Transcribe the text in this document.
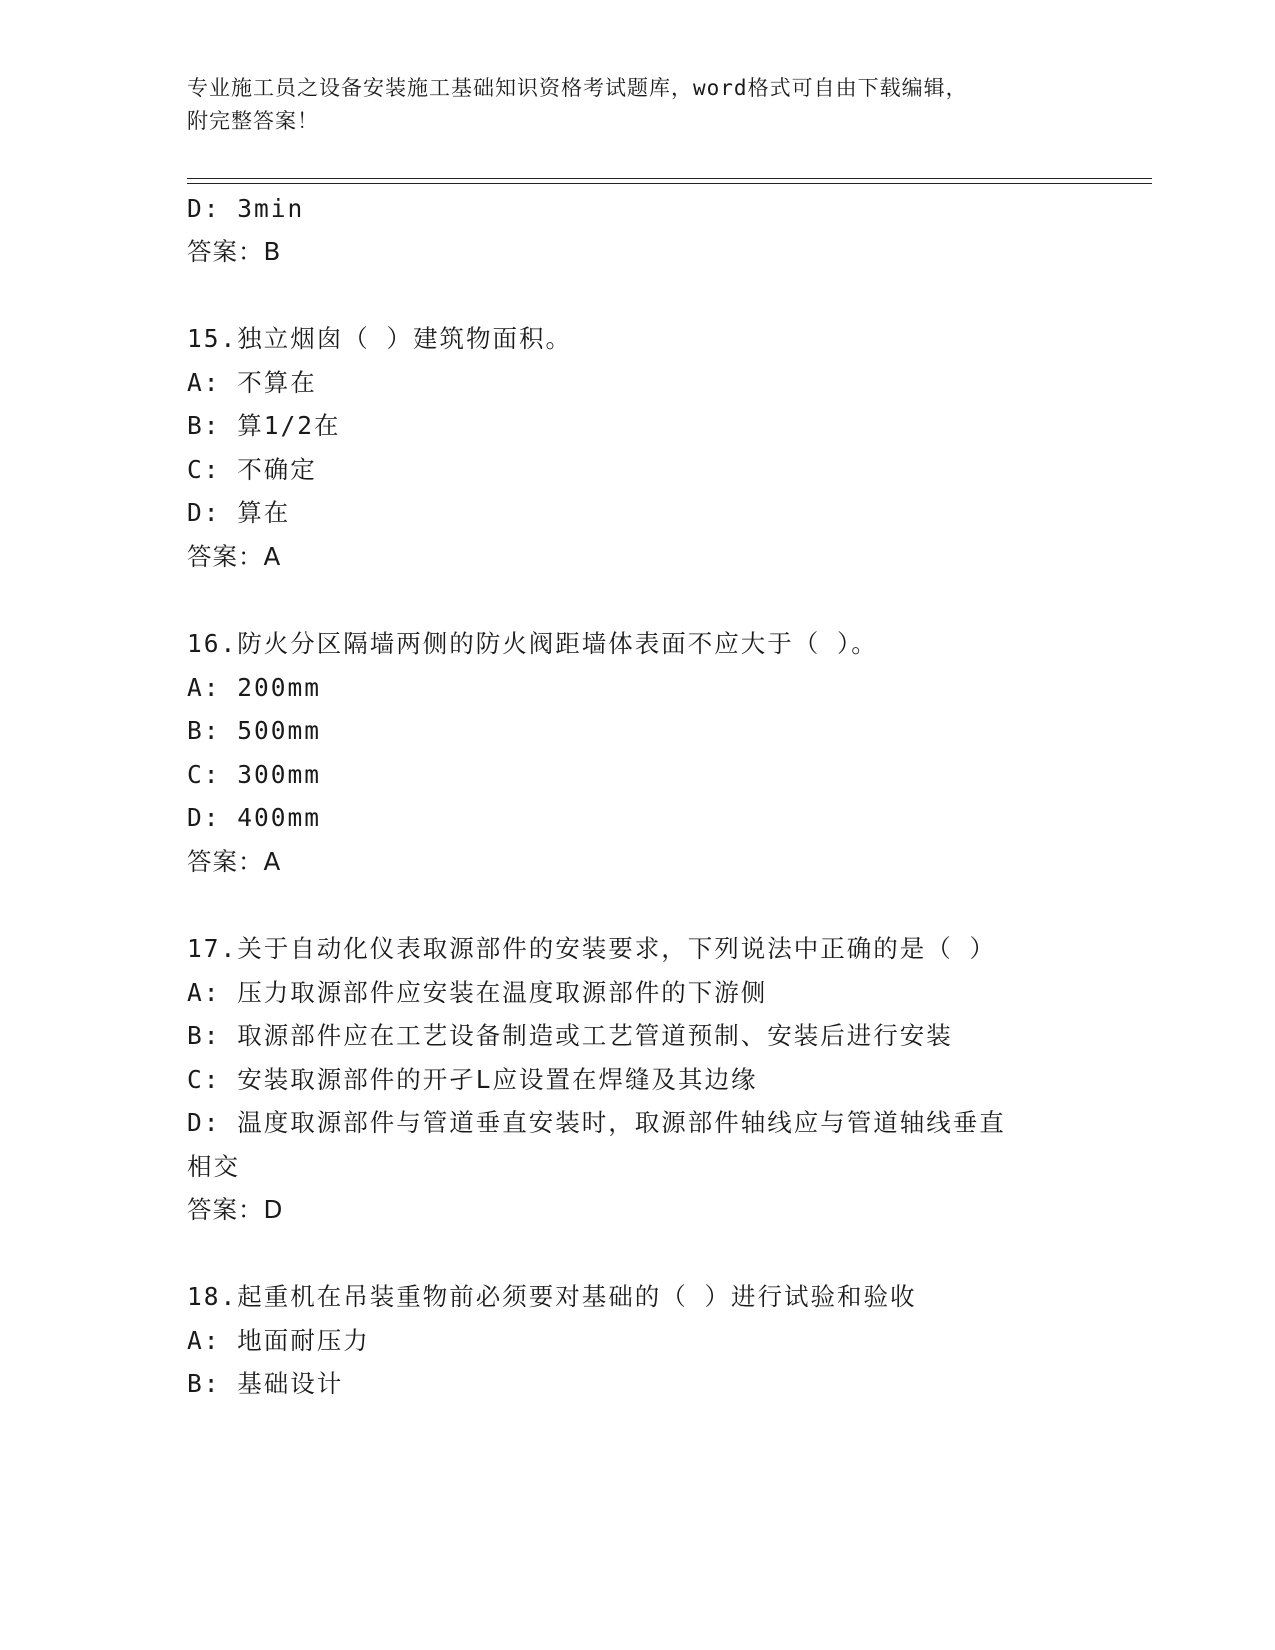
专业施工员之设备安装施工基础知识资格考试题库，word格式可自由下载编辑，
附完整答案！
D: 3min
答案：B
15.独立烟囱（ ）建筑物面积。
A: 不算在
B: 算1/2在
C: 不确定
D: 算在
答案：A
16.防火分区隔墙两侧的防火阀距墙体表面不应大于（ ）。
A: 200mm
B: 500mm
C: 300mm
D: 400mm
答案：A
17.关于自动化仪表取源部件的安装要求，下列说法中正确的是（ ）
A: 压力取源部件应安装在温度取源部件的下游侧
B: 取源部件应在工艺设备制造或工艺管道预制、安装后进行安装
C: 安装取源部件的开孑L应设置在焊缝及其边缘
D: 温度取源部件与管道垂直安装时，取源部件轴线应与管道轴线垂直
相交
答案：D
18.起重机在吊装重物前必须要对基础的（ ）进行试验和验收
A: 地面耐压力
B: 基础设计
